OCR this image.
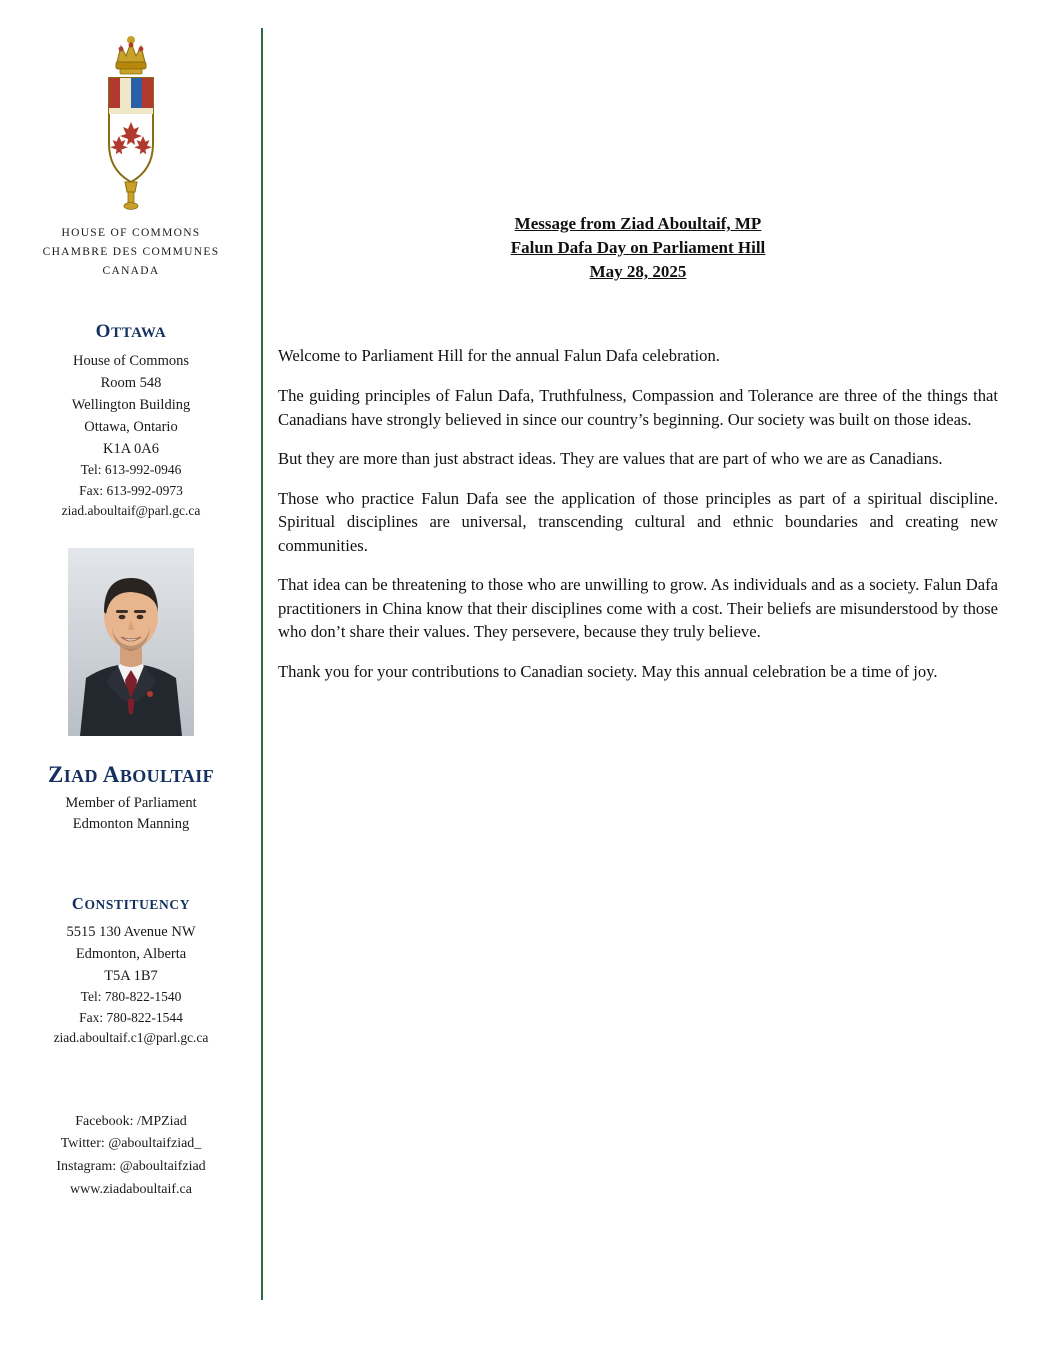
HOUSE OF COMMONS
CHAMBRE DES COMMUNES
CANADA
OTTAWA
House of Commons
Room 548
Wellington Building
Ottawa, Ontario
K1A 0A6
Tel: 613-992-0946
Fax: 613-992-0973
ziad.aboultaif@parl.gc.ca
ZIAD ABOULTAIF
Member of Parliament
Edmonton Manning
CONSTITUENCY
5515 130 Avenue NW
Edmonton, Alberta
T5A 1B7
Tel: 780-822-1540
Fax: 780-822-1544
ziad.aboultaif.c1@parl.gc.ca
Facebook: /MPZiad
Twitter: @aboultaifziad_
Instagram: @aboultaifziad
www.ziadaboultaif.ca
Message from Ziad Aboultaif, MP
Falun Dafa Day on Parliament Hill
May 28, 2025

Welcome to Parliament Hill for the annual Falun Dafa celebration.

The guiding principles of Falun Dafa, Truthfulness, Compassion and Tolerance are three of the things that Canadians have strongly believed in since our country’s beginning. Our society was built on those ideas.

But they are more than just abstract ideas. They are values that are part of who we are as Canadians.

Those who practice Falun Dafa see the application of those principles as part of a spiritual discipline. Spiritual disciplines are universal, transcending cultural and ethnic boundaries and creating new communities.

That idea can be threatening to those who are unwilling to grow. As individuals and as a society. Falun Dafa practitioners in China know that their disciplines come with a cost. Their beliefs are misunderstood by those who don’t share their values. They persevere, because they truly believe.

Thank you for your contributions to Canadian society. May this annual celebration be a time of joy.
